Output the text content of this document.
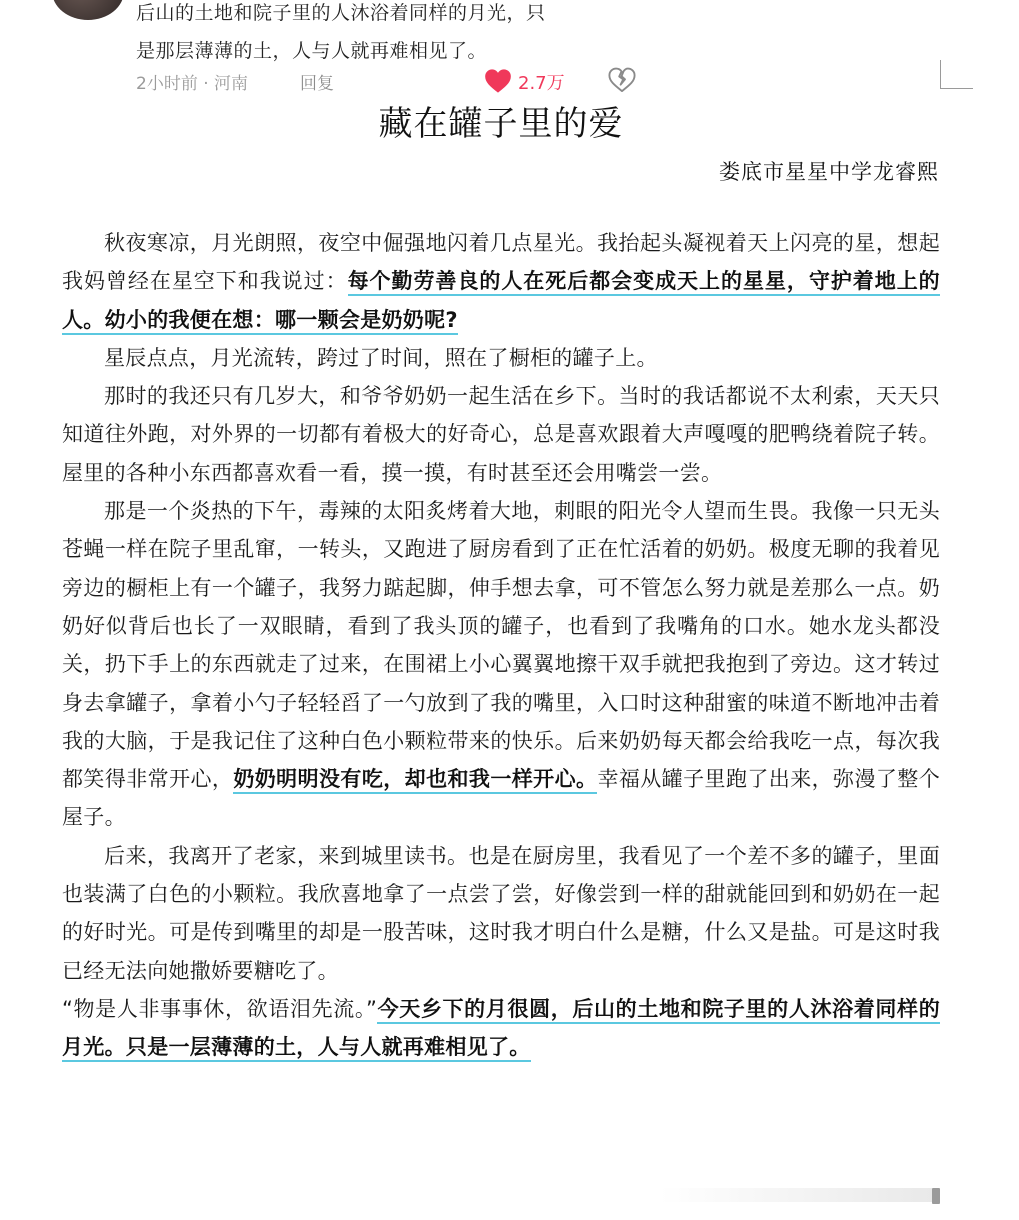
后山的土地和院子里的人沐浴着同样的月光，只
是那层薄薄的土，人与人就再难相见了。
2小时前 · 河南	回复	2.7万
藏在罐子里的爱
娄底市星星中学龙睿熙

秋夜寒凉，月光朗照，夜空中倔强地闪着几点星光。我抬起头凝视着天上闪亮的星，想起我妈曾经在星空下和我说过：每个勤劳善良的人在死后都会变成天上的星星，守护着地上的人。幼小的我便在想：哪一颗会是奶奶呢?

星辰点点，月光流转，跨过了时间，照在了橱柜的罐子上。

那时的我还只有几岁大，和爷爷奶奶一起生活在乡下。当时的我话都说不太利索，天天只知道往外跑，对外界的一切都有着极大的好奇心，总是喜欢跟着大声嘎嘎的肥鸭绕着院子转。屋里的各种小东西都喜欢看一看，摸一摸，有时甚至还会用嘴尝一尝。

那是一个炎热的下午，毒辣的太阳炙烤着大地，刺眼的阳光令人望而生畏。我像一只无头苍蝇一样在院子里乱窜，一转头，又跑进了厨房看到了正在忙活着的奶奶。极度无聊的我着见旁边的橱柜上有一个罐子，我努力踮起脚，伸手想去拿，可不管怎么努力就是差那么一点。奶奶好似背后也长了一双眼睛，看到了我头顶的罐子，也看到了我嘴角的口水。她水龙头都没关，扔下手上的东西就走了过来，在围裙上小心翼翼地擦干双手就把我抱到了旁边。这才转过身去拿罐子，拿着小勺子轻轻舀了一勺放到了我的嘴里，入口时这种甜蜜的味道不断地冲击着我的大脑，于是我记住了这种白色小颗粒带来的快乐。后来奶奶每天都会给我吃一点，每次我都笑得非常开心，奶奶明明没有吃，却也和我一样开心。幸福从罐子里跑了出来，弥漫了整个屋子。

后来，我离开了老家，来到城里读书。也是在厨房里，我看见了一个差不多的罐子，里面也装满了白色的小颗粒。我欣喜地拿了一点尝了尝，好像尝到一样的甜就能回到和奶奶在一起的好时光。可是传到嘴里的却是一股苦味，这时我才明白什么是糖，什么又是盐。可是这时我已经无法向她撒娇要糖吃了。

“物是人非事事休，欲语泪先流。”今天乡下的月很圆，后山的土地和院子里的人沐浴着同样的月光。只是一层薄薄的土，人与人就再难相见了。
